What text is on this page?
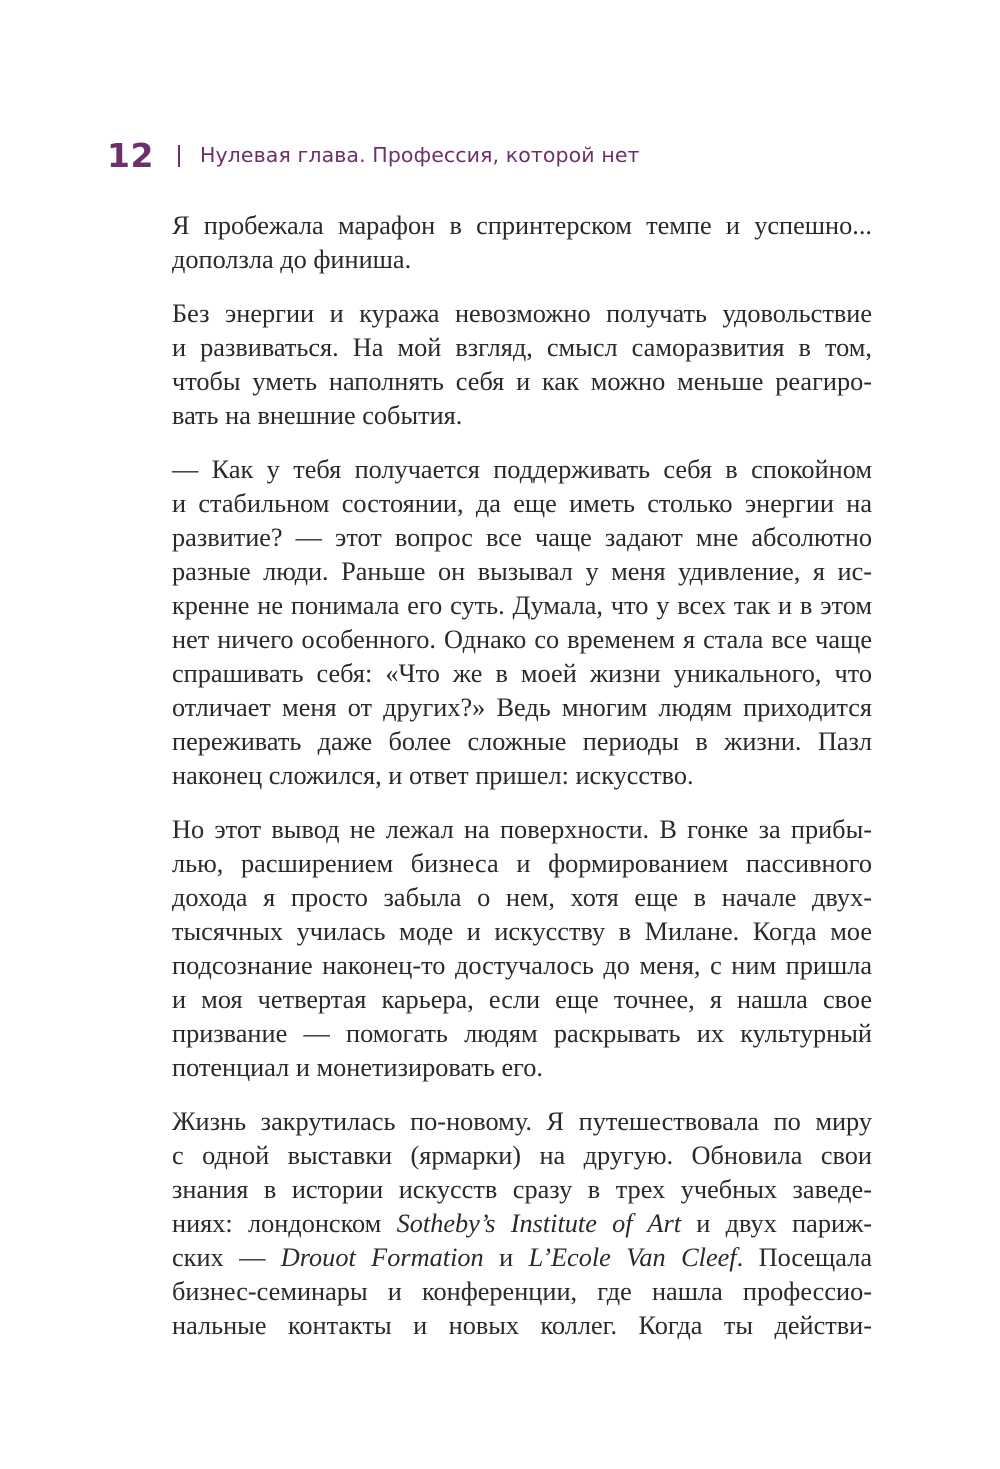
12 Нулевая глава. Профессия, которой нет
Я пробежала марафон в спринтерском темпе и успешно...
доползла до финиша.
Без энергии и куража невозможно получать удовольствие
и развиваться. На мой взгляд, смысл саморазвития в том,
чтобы уметь наполнять себя и как можно меньше реагиро-
вать на внешние события.
— Как у тебя получается поддерживать себя в спокойном
и стабильном состоянии, да еще иметь столько энергии на
развитие? — этот вопрос все чаще задают мне абсолютно
разные люди. Раньше он вызывал у меня удивление, я ис-
кренне не понимала его суть. Думала, что у всех так и в этом
нет ничего особенного. Однако со временем я стала все чаще
спрашивать себя: «Что же в моей жизни уникального, что
отличает меня от других?» Ведь многим людям приходится
переживать даже более сложные периоды в жизни. Пазл
наконец сложился, и ответ пришел: искусство.
Но этот вывод не лежал на поверхности. В гонке за прибы-
лью, расширением бизнеса и формированием пассивного
дохода я просто забыла о нем, хотя еще в начале двух-
тысячных училась моде и искусству в Милане. Когда мое
подсознание наконец-то достучалось до меня, с ним пришла
и моя четвертая карьера, если еще точнее, я нашла свое
призвание — помогать людям раскрывать их культурный
потенциал и монетизировать его.
Жизнь закрутилась по-новому. Я путешествовала по миру
с одной выставки (ярмарки) на другую. Обновила свои
знания в истории искусств сразу в трех учебных заведе-
ниях: лондонском Sotheby’s Institute of Art и двух париж-
ских — Drouot Formation и L’Ecole Van Cleef. Посещала
бизнес-семинары и конференции, где нашла профессио-
нальные контакты и новых коллег. Когда ты действи-
